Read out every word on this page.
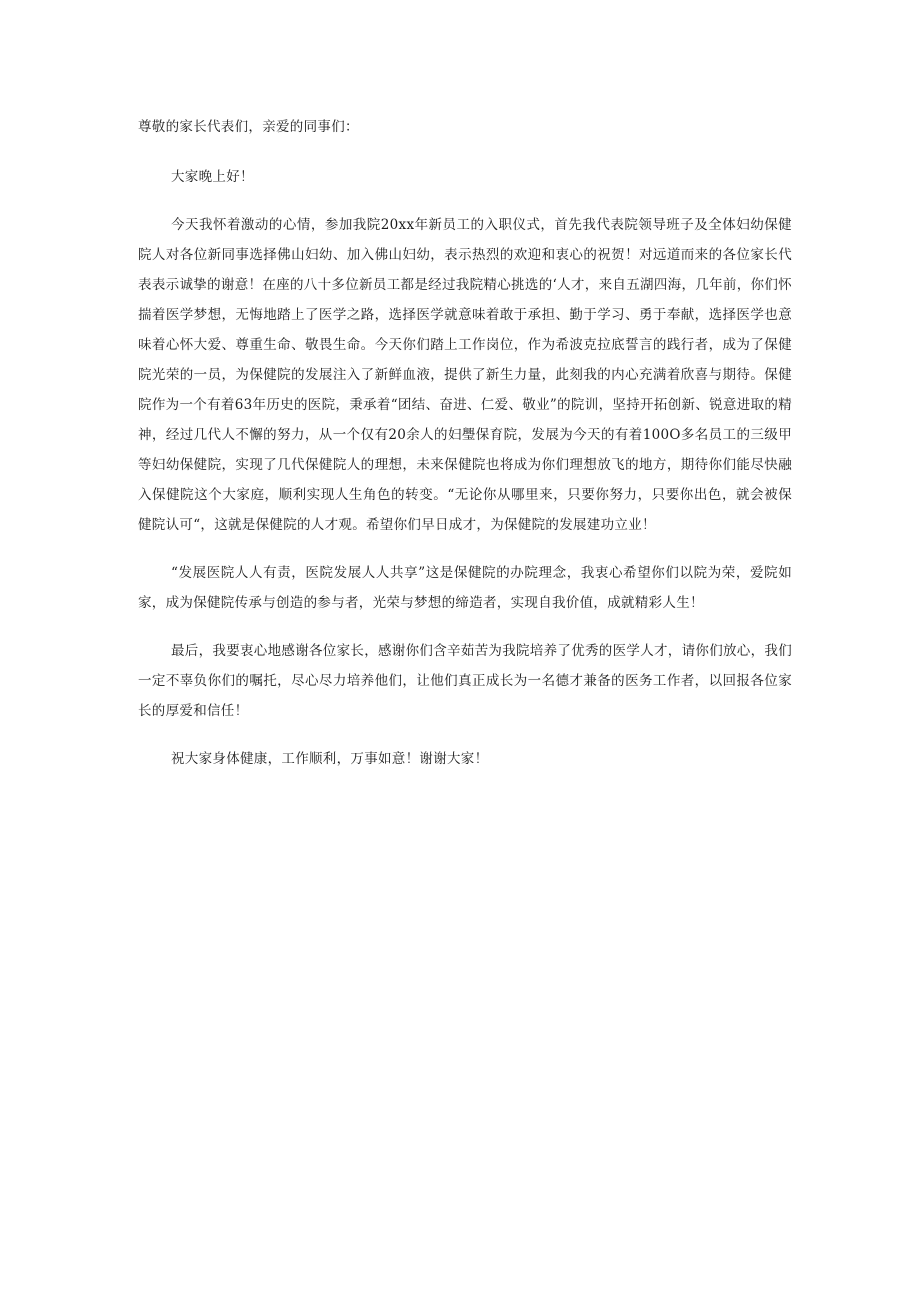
尊敬的家长代表们，亲爱的同事们：

大家晚上好！

今天我怀着激动的心情，参加我院20xx年新员工的入职仪式，首先我代表院领导班子及全体妇幼保健院人对各位新同事选择佛山妇幼、加入佛山妇幼，表示热烈的欢迎和衷心的祝贺！对远道而来的各位家长代表表示诚挚的谢意！在座的八十多位新员工都是经过我院精心挑选的‘人才，来自五湖四海，几年前，你们怀揣着医学梦想，无悔地踏上了医学之路，选择医学就意味着敢于承担、勤于学习、勇于奉献，选择医学也意味着心怀大爱、尊重生命、敬畏生命。今天你们踏上工作岗位，作为希波克拉底誓言的践行者，成为了保健院光荣的一员，为保健院的发展注入了新鲜血液，提供了新生力量，此刻我的内心充满着欣喜与期待。保健院作为一个有着63年历史的医院，秉承着“团结、奋进、仁爱、敬业”的院训，坚持开拓创新、锐意进取的精神，经过几代人不懈的努力，从一个仅有20余人的妇璺保育院，发展为今天的有着100O多名员工的三级甲等妇幼保健院，实现了几代保健院人的理想，未来保健院也将成为你们理想放飞的地方，期待你们能尽快融入保健院这个大家庭，顺利实现人生角色的转变。“无论你从哪里来，只要你努力，只要你出色，就会被保健院认可“，这就是保健院的人才观。希望你们早日成才，为保健院的发展建功立业！

“发展医院人人有责，医院发展人人共享”这是保健院的办院理念，我衷心希望你们以院为荣，爱院如家，成为保健院传承与创造的参与者，光荣与梦想的缔造者，实现自我价值，成就精彩人生！

最后，我要衷心地感谢各位家长，感谢你们含辛茹苦为我院培养了优秀的医学人才，请你们放心，我们一定不辜负你们的嘱托，尽心尽力培养他们，让他们真正成长为一名德才兼备的医务工作者，以回报各位家长的厚爱和信任！

祝大家身体健康，工作顺利，万事如意！谢谢大家！
